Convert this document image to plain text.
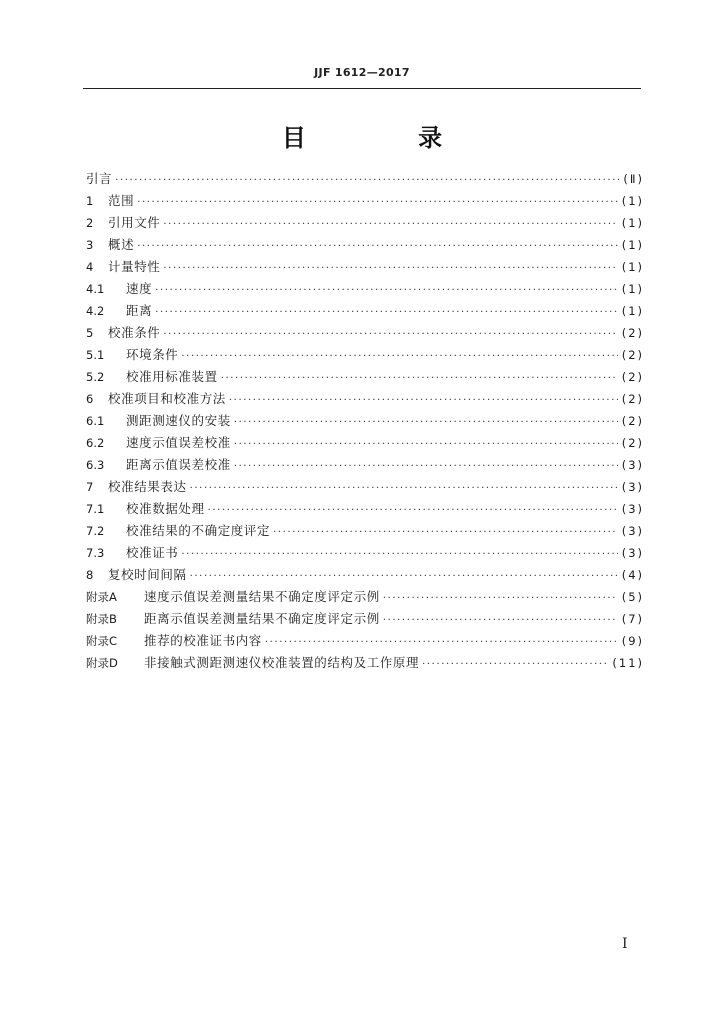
JJF 1612—2017
目 录
引言 ·····	(Ⅱ)
1	范围 ·····	(1)
2	引用文件 ·····	(1)
3	概述 ·····	(1)
4	计量特性 ·····	(1)
4.1	速度 ·····	(1)
4.2	距离 ·····	(1)
5	校准条件 ·····	(2)
5.1	环境条件 ·····	(2)
5.2	校准用标准装置 ·····	(2)
6	校准项目和校准方法 ·····	(2)
6.1	测距测速仪的安装 ·····	(2)
6.2	速度示值误差校准 ·····	(2)
6.3	距离示值误差校准 ·····	(3)
7	校准结果表达 ·····	(3)
7.1	校准数据处理 ·····	(3)
7.2	校准结果的不确定度评定 ·····	(3)
7.3	校准证书 ·····	(3)
8	复校时间间隔 ·····	(4)
附录A	速度示值误差测量结果不确定度评定示例 ·····	(5)
附录B	距离示值误差测量结果不确定度评定示例 ·····	(7)
附录C	推荐的校准证书内容 ·····	(9)
附录D	非接触式测距测速仪校准装置的结构及工作原理 ·····	(11)
I
